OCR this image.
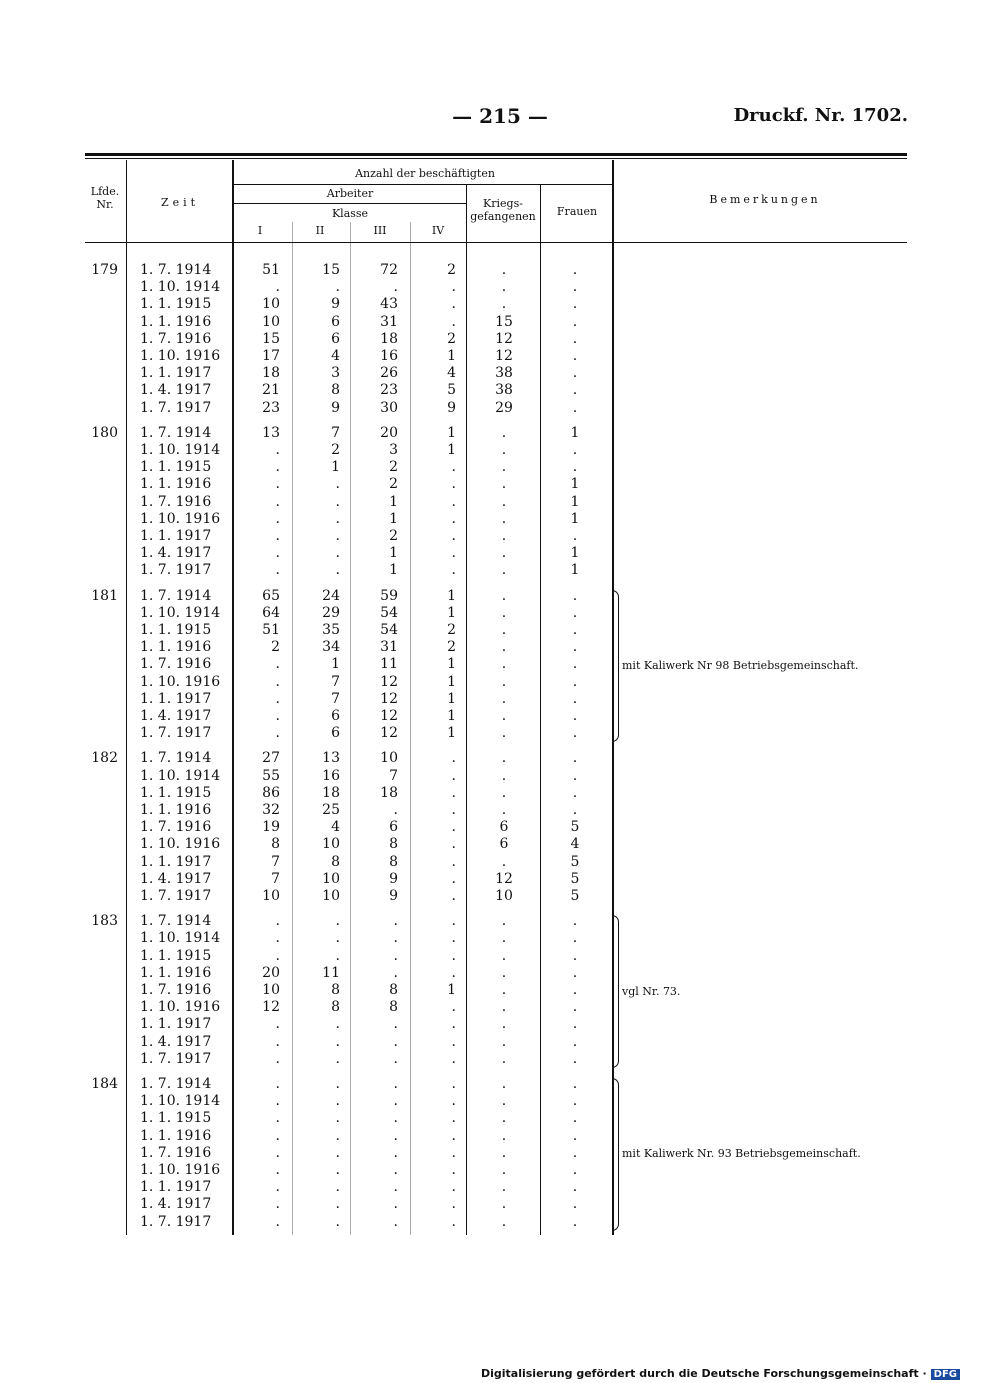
— 215 —	Druckf. Nr. 1702.
Lfde. Nr.	Zeit
Anzahl der beschäftigten
Arbeiter
Klasse
I	II	III	IV
Kriegs- gefangenen	Frauen
Bemerkungen
179 1. 7. 1914	51	15	72	2	.	.
1. 10. 1914	.	.	.	.	.	.
1. 1. 1915	10	9	43	.	.	.
1. 1. 1916	10	6	31	.	15	.
1. 7. 1916	15	6	18	2	12	.
1. 10. 1916	17	4	16	1	12	.
1. 1. 1917	18	3	26	4	38	.
1. 4. 1917	21	8	23	5	38	.
1. 7. 1917	23	9	30	9	29	.
180 1. 7. 1914	13	7	20	1	.	1
1. 10. 1914	.	2	3	1	.	.
1. 1. 1915	.	1	2	.	.	.
1. 1. 1916	.	.	2	.	.	1
1. 7. 1916	.	.	1	.	.	1
1. 10. 1916	.	.	1	.	.	1
1. 1. 1917	.	.	2	.	.	.
1. 4. 1917	.	.	1	.	.	1
1. 7. 1917	.	.	1	.	.	1
181 1. 7. 1914	65	24	59	1	.	.
1. 10. 1914	64	29	54	1	.	.
1. 1. 1915	51	35	54	2	.	.
1. 1. 1916	2	34	31	2	.	.
1. 7. 1916	.	1	11	1	.	.
1. 10. 1916	.	7	12	1	.	.
1. 1. 1917	.	7	12	1	.	.
1. 4. 1917	.	6	12	1	.	.
1. 7. 1917	.	6	12	1	.	.
mit Kaliwerk Nr 98 Betriebsgemeinschaft.
182 1. 7. 1914	27	13	10	.	.	.
1. 10. 1914	55	16	7	.	.	.
1. 1. 1915	86	18	18	.	.	.
1. 1. 1916	32	25	.	.	.	.
1. 7. 1916	19	4	6	.	6	5
1. 10. 1916	8	10	8	.	6	4
1. 1. 1917	7	8	8	.	.	5
1. 4. 1917	7	10	9	.	12	5
1. 7. 1917	10	10	9	.	10	5
183 1. 7. 1914	.	.	.	.	.	.
1. 10. 1914	.	.	.	.	.	.
1. 1. 1915	.	.	.	.	.	.
1. 1. 1916	20	11	.	.	.	.
1. 7. 1916	10	8	8	1	.	.
1. 10. 1916	12	8	8	.	.	.
1. 1. 1917	.	.	.	.	.	.
1. 4. 1917	.	.	.	.	.	.
1. 7. 1917	.	.	.	.	.	.
vgl Nr. 73.
184 1. 7. 1914	.	.	.	.	.	.
1. 10. 1914	.	.	.	.	.	.
1. 1. 1915	.	.	.	.	.	.
1. 1. 1916	.	.	.	.	.	.
1. 7. 1916	.	.	.	.	.	.
1. 10. 1916	.	.	.	.	.	.
1. 1. 1917	.	.	.	.	.	.
1. 4. 1917	.	.	.	.	.	.
1. 7. 1917	.	.	.	.	.	.
mit Kaliwerk Nr. 93 Betriebsgemeinschaft.
Digitalisierung gefördert durch die Deutsche Forschungsgemeinschaft · DFG
